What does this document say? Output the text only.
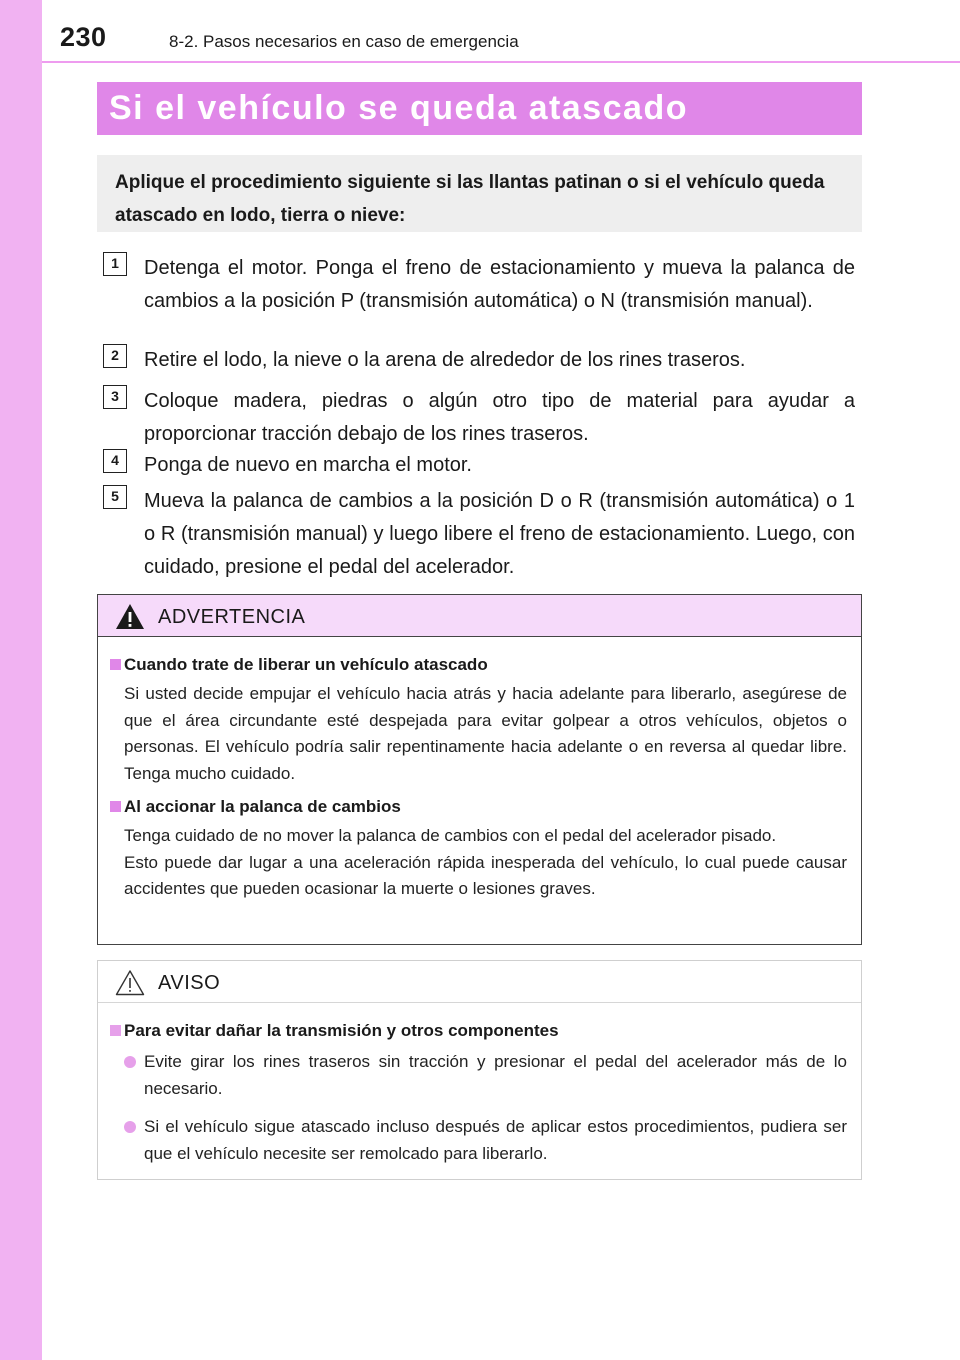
230	8-2. Pasos necesarios en caso de emergencia
Si el vehículo se queda atascado
Aplique el procedimiento siguiente si las llantas patinan o si el vehículo queda atascado en lodo, tierra o nieve:
1	Detenga el motor. Ponga el freno de estacionamiento y mueva la palanca de cambios a la posición P (transmisión automática) o N (transmisión manual).
2	Retire el lodo, la nieve o la arena de alrededor de los rines traseros.
3	Coloque madera, piedras o algún otro tipo de material para ayudar a proporcionar tracción debajo de los rines traseros.
4	Ponga de nuevo en marcha el motor.
5	Mueva la palanca de cambios a la posición D o R (transmisión automática) o 1 o R (transmisión manual) y luego libere el freno de estacionamiento. Luego, con cuidado, presione el pedal del acelerador.
ADVERTENCIA
Cuando trate de liberar un vehículo atascado
Si usted decide empujar el vehículo hacia atrás y hacia adelante para liberarlo, asegúrese de que el área circundante esté despejada para evitar golpear a otros vehículos, objetos o personas. El vehículo podría salir repentinamente hacia adelante o en reversa al quedar libre. Tenga mucho cuidado.
Al accionar la palanca de cambios
Tenga cuidado de no mover la palanca de cambios con el pedal del acelerador pisado.
Esto puede dar lugar a una aceleración rápida inesperada del vehículo, lo cual puede causar accidentes que pueden ocasionar la muerte o lesiones graves.
AVISO
Para evitar dañar la transmisión y otros componentes
Evite girar los rines traseros sin tracción y presionar el pedal del acelerador más de lo necesario.
Si el vehículo sigue atascado incluso después de aplicar estos procedimientos, pudiera ser que el vehículo necesite ser remolcado para liberarlo.
